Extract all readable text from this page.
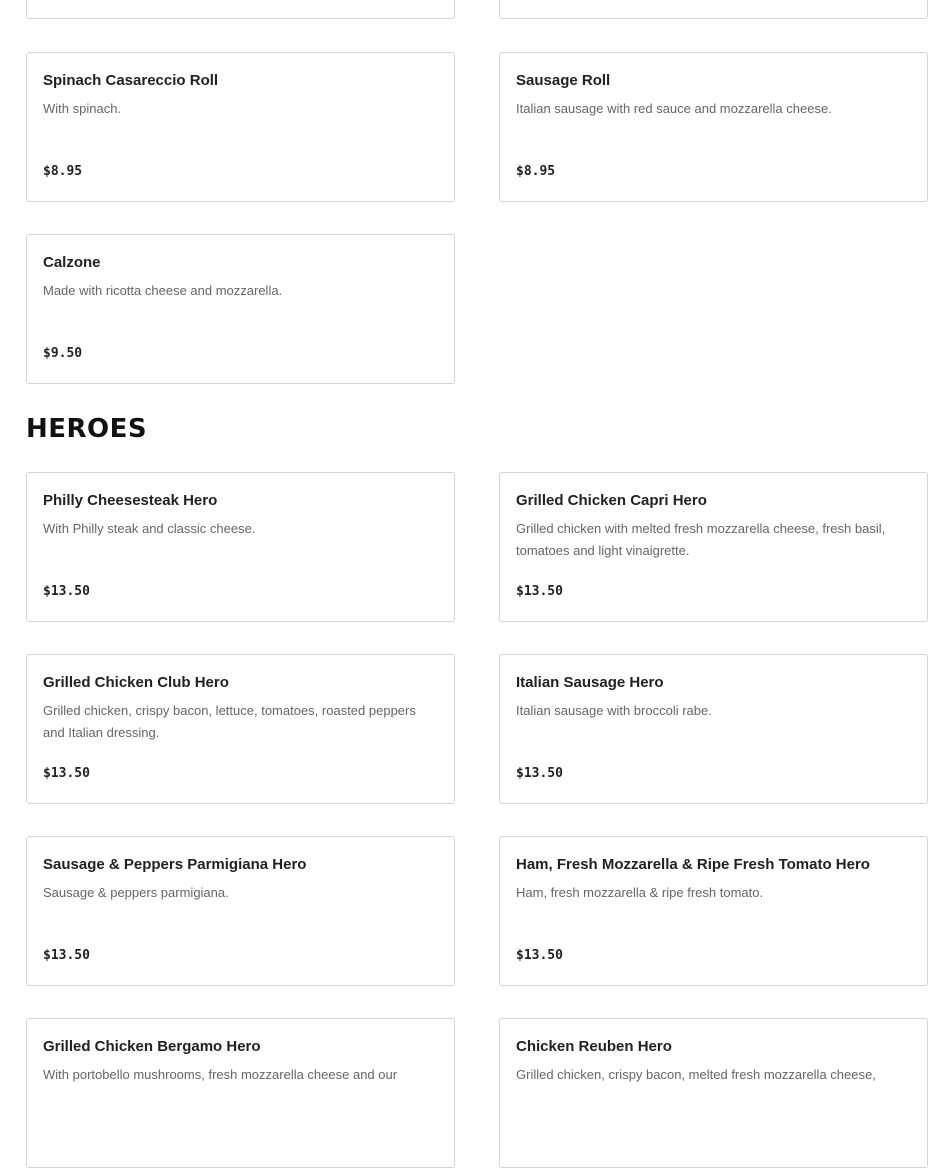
Spinach Casareccio Roll
With spinach.
$8.95
Sausage Roll
Italian sausage with red sauce and mozzarella cheese.
$8.95
Calzone
Made with ricotta cheese and mozzarella.
$9.50
HEROES
Philly Cheesesteak Hero
With Philly steak and classic cheese.
$13.50
Grilled Chicken Capri Hero
Grilled chicken with melted fresh mozzarella cheese, fresh basil, tomatoes and light vinaigrette.
$13.50
Grilled Chicken Club Hero
Grilled chicken, crispy bacon, lettuce, tomatoes, roasted peppers and Italian dressing.
$13.50
Italian Sausage Hero
Italian sausage with broccoli rabe.
$13.50
Sausage & Peppers Parmigiana Hero
Sausage & peppers parmigiana.
$13.50
Ham, Fresh Mozzarella & Ripe Fresh Tomato Hero
Ham, fresh mozzarella & ripe fresh tomato.
$13.50
Grilled Chicken Bergamo Hero
With portobello mushrooms, fresh mozzarella cheese and our
Chicken Reuben Hero
Grilled chicken, crispy bacon, melted fresh mozzarella cheese,
